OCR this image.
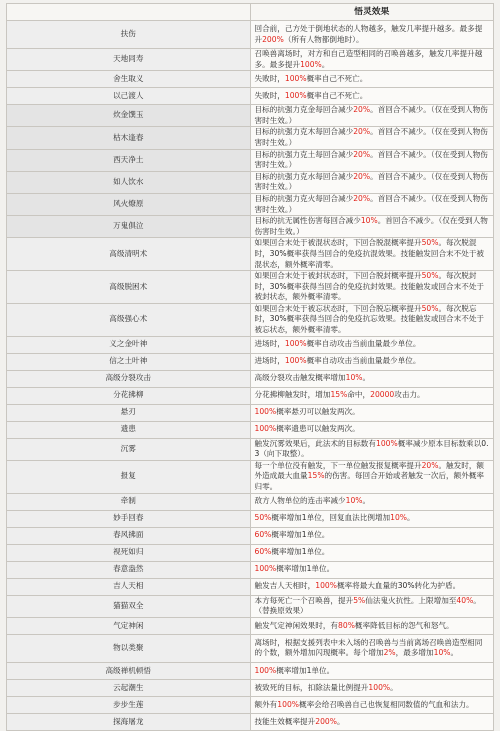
	悟灵效果
扶伤	回合前，己方处于倒地状态的人物越多，触发几率提升越多。最多提升200%（所有人物都倒地时）。
天地同寿	召唤兽离场时，对方和自己造型相同的召唤兽越多，触发几率提升越多。最多提升100%。
舍生取义	失败时，100%概率自己不死亡。
以己渡人	失败时，100%概率自己不死亡。
炊金馔玉	目标的抗强力克金每回合减少20%。首回合不减少。（仅在受到人物伤害时生效。）
枯木逢春	目标的抗强力克木每回合减少20%。首回合不减少。（仅在受到人物伤害时生效。）
西天净土	目标的抗强力克土每回合减少20%。首回合不减少。（仅在受到人物伤害时生效。）
如人饮水	目标的抗强力克水每回合减少20%。首回合不减少。（仅在受到人物伤害时生效。）
风火燎原	目标的抗强力克火每回合减少20%。首回合不减少。（仅在受到人物伤害时生效。）
万鬼俱泣	目标的抗无属性伤害每回合减少10%。首回合不减少。（仅在受到人物伤害时生效。）
高级清明术	如果回合末处于被混状态时，下回合脱混概率提升50%。每次脱混时，30%概率获得当回合的免疫抗混效果。技能触发回合末不处于被混状态，额外概率清零。
高级脱困术	如果回合末处于被封状态时，下回合脱封概率提升50%。每次脱封时，30%概率获得当回合的免疫抗封效果。技能触发或回合末不处于被封状态，额外概率清零。
高级强心术	如果回合末处于被忘状态时，下回合脱忘概率提升50%。每次脱忘时，30%概率获得当回合的免疫抗忘效果。技能触发或回合末不处于被忘状态，额外概率清零。
义之金叶神	进场时，100%概率自动攻击当前血量最少单位。
信之土叶神	进场时，100%概率自动攻击当前血量最少单位。
高级分裂攻击	高级分裂攻击触发概率增加10%。
分花拂柳	分花拂柳触发时，增加15%命中，20000攻击力。
悬刃	100%概率悬刃可以触发两次。
遗患	100%概率遗患可以触发两次。
沉雾	触发沉雾效果后，此法术的目标数有100%概率减少原本目标数乘以0.3（向下取整）。
报复	每一个单位没有触发，下一单位触发报复概率提升20%。触发时，额外造成最大血量15%的伤害。每回合开始或者触发一次后，额外概率归零。
牵制	敌方人物单位的连击率减少10%。
妙手回春	50%概率增加1单位，回复血法比例增加10%。
春风拂面	60%概率增加1单位。
视死如归	60%概率增加1单位。
春意盎然	100%概率增加1单位。
吉人天相	触发吉人天相时，100%概率将最大血量的30%转化为护盾。
猫猫双全	本方每死亡一个召唤兽，提升5%仙法鬼火抗性。上限增加至40%。（替换原效果）
气定神闲	触发气定神闲效果时，有80%概率降低目标的怨气和怒气。
物以类聚	离场时，根据支援列表中未入场的召唤兽与当前离场召唤兽造型相同的个数，额外增加闪现概率。每个增加2%，最多增加10%。
高级禅机顿悟	100%概率增加1单位。
云起潮生	被致死的目标，扣除法量比例提升100%。
步步生莲	额外有100%概率会给召唤兽自己也恢复相同数值的气血和法力。
探海屠龙	技能生效概率提升200%。
